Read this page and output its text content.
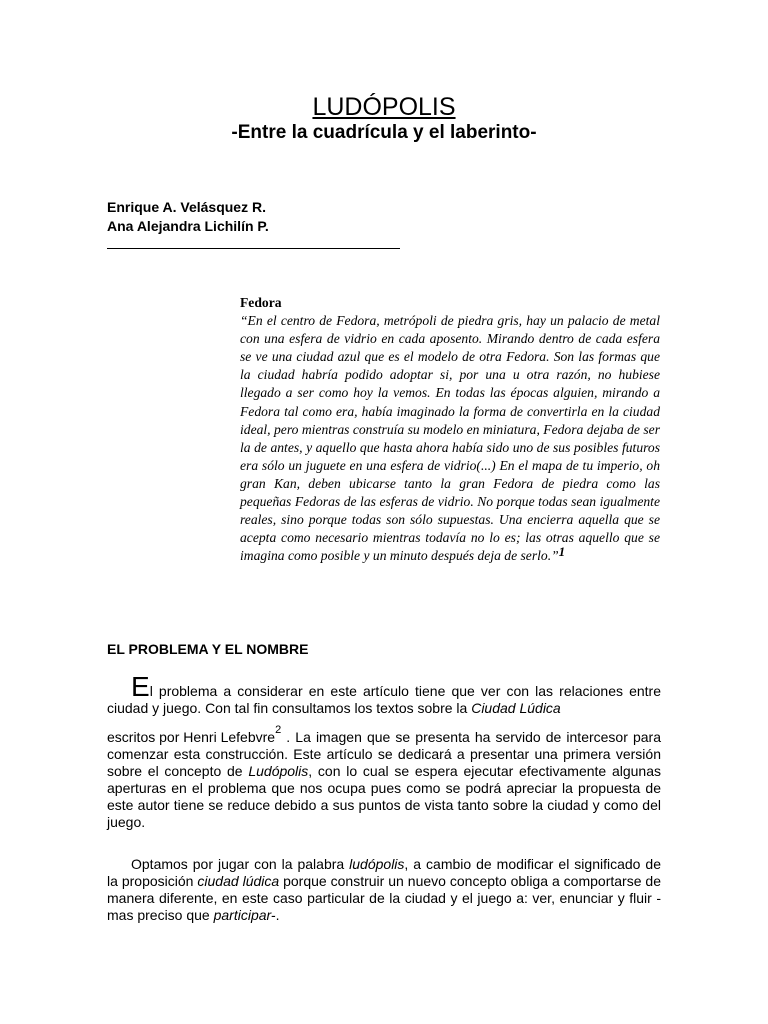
LUDÓPOLIS
-Entre la cuadrícula y el laberinto-
Enrique A. Velásquez R.
Ana Alejandra Lichilín P.
Fedora
“En el centro de Fedora, metrópoli de piedra gris, hay un palacio de metal con una esfera de vidrio en cada aposento. Mirando dentro de cada esfera se ve una ciudad azul que es el modelo de otra Fedora. Son las formas que la ciudad habría podido adoptar si, por una u otra razón, no hubiese llegado a ser como hoy la vemos. En todas las épocas alguien, mirando a Fedora tal como era, había imaginado la forma de convertirla en la ciudad ideal, pero mientras construía su modelo en miniatura, Fedora dejaba de ser la de antes, y aquello que hasta ahora había sido uno de sus posibles futuros era sólo un juguete en una esfera de vidrio(...) En el mapa de tu imperio, oh gran Kan, deben ubicarse tanto la gran Fedora de piedra como las pequeñas Fedoras de las esferas de vidrio. No porque todas sean igualmente reales, sino porque todas son sólo supuestas. Una encierra aquella que se acepta como necesario mientras todavía no lo es; las otras aquello que se imagina como posible y un minuto después deja de serlo.”$^1$
EL PROBLEMA Y EL NOMBRE
El problema a considerar en este artículo tiene que ver con las relaciones entre ciudad y juego. Con tal fin consultamos los textos sobre la Ciudad Lúdica
escritos por Henri Lefebvre$^2$ . La imagen que se presenta ha servido de intercesor para comenzar esta construcción. Este artículo se dedicará a presentar una primera versión sobre el concepto de Ludópolis, con lo cual se espera ejecutar efectivamente algunas aperturas en el problema que nos ocupa pues como se podrá apreciar la propuesta de este autor tiene se reduce debido a sus puntos de vista tanto sobre la ciudad y como del juego.
Optamos por jugar con la palabra ludópolis, a cambio de modificar el significado de la proposición ciudad lúdica porque construir un nuevo concepto obliga a comportarse de manera diferente, en este caso particular de la ciudad y el juego a: ver, enunciar y fluir -mas preciso que participar-.
